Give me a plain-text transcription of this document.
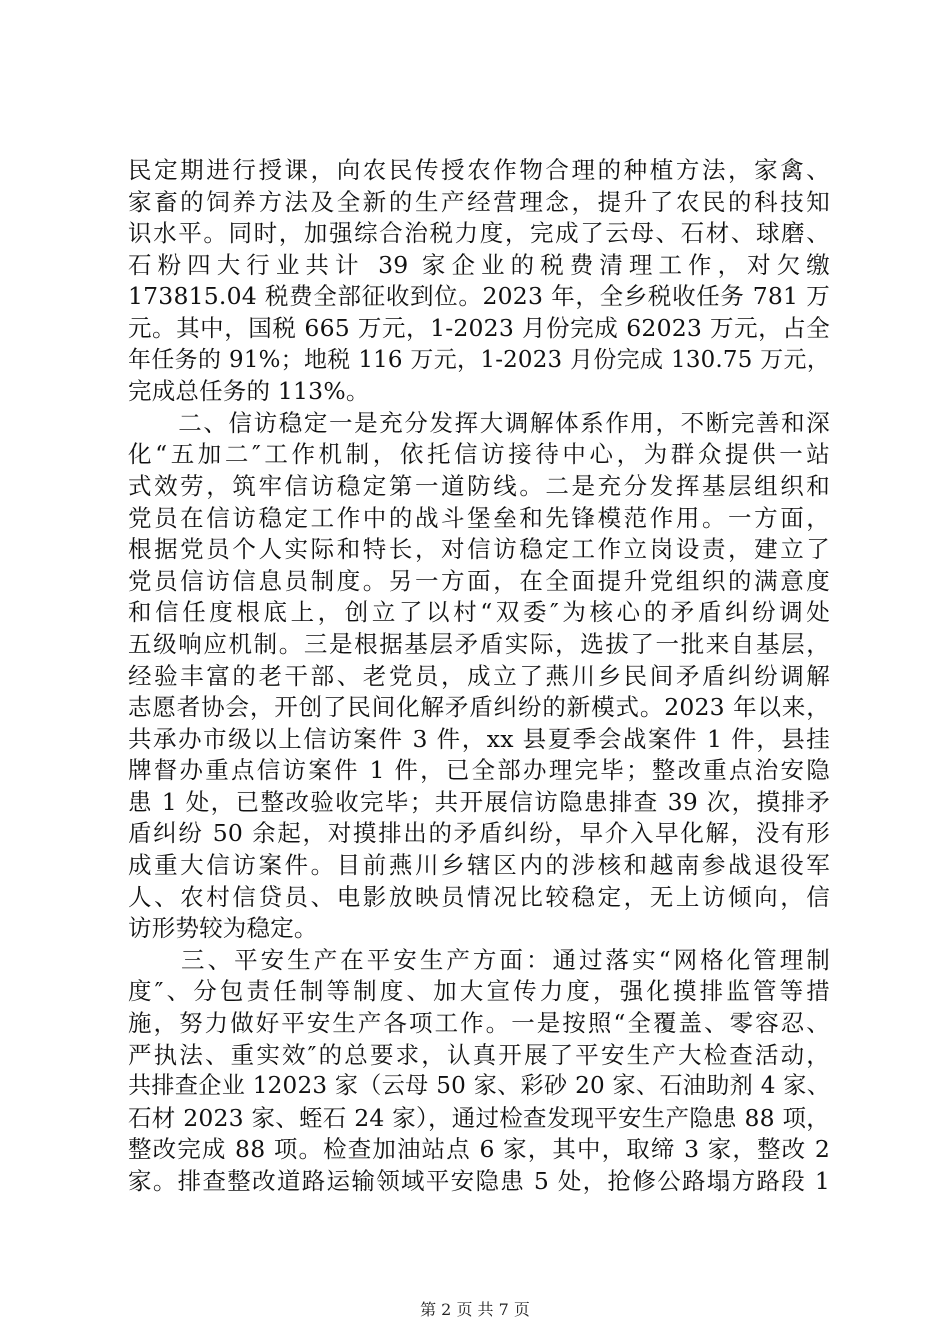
民定期进行授课，向农民传授农作物合理的种植方法，家禽、
家畜的饲养方法及全新的生产经营理念，提升了农民的科技知
识水平。同时，加强综合治税力度，完成了云母、石材、球磨、
石粉四大行业共计 39 家企业的税费清理工作，对欠缴
173815.04 税费全部征收到位。2023 年，全乡税收任务 781 万
元。其中，国税 665 万元，1-2023 月份完成 62023 万元，占全
年任务的 91%；地税 116 万元，1-2023 月份完成 130.75 万元，
完成总任务的 113%。
　　二、信访稳定一是充分发挥大调解体系作用，不断完善和深
化“五加二″工作机制，依托信访接待中心，为群众提供一站
式效劳，筑牢信访稳定第一道防线。二是充分发挥基层组织和
党员在信访稳定工作中的战斗堡垒和先锋模范作用。一方面，
根据党员个人实际和特长，对信访稳定工作立岗设责，建立了
党员信访信息员制度。另一方面，在全面提升党组织的满意度
和信任度根底上，创立了以村“双委″为核心的矛盾纠纷调处
五级响应机制。三是根据基层矛盾实际，选拔了一批来自基层，
经验丰富的老干部、老党员，成立了燕川乡民间矛盾纠纷调解
志愿者协会，开创了民间化解矛盾纠纷的新模式。2023 年以来，
共承办市级以上信访案件 3 件，xx 县夏季会战案件 1 件，县挂
牌督办重点信访案件 1 件，已全部办理完毕；整改重点治安隐
患 1 处，已整改验收完毕；共开展信访隐患排查 39 次，摸排矛
盾纠纷 50 余起，对摸排出的矛盾纠纷，早介入早化解，没有形
成重大信访案件。目前燕川乡辖区内的涉核和越南参战退役军
人、农村信贷员、电影放映员情况比较稳定，无上访倾向，信
访形势较为稳定。
　　三、平安生产在平安生产方面：通过落实“网格化管理制
度″、分包责任制等制度、加大宣传力度，强化摸排监管等措
施，努力做好平安生产各项工作。一是按照“全覆盖、零容忍、
严执法、重实效″的总要求，认真开展了平安生产大检查活动，
共排查企业 12023 家（云母 50 家、彩砂 20 家、石油助剂 4 家、
石材 2023 家、蛭石 24 家），通过检查发现平安生产隐患 88 项，
整改完成 88 项。检查加油站点 6 家，其中，取缔 3 家，整改 2
家。排查整改道路运输领域平安隐患 5 处，抢修公路塌方路段 1
第 2 页 共 7 页
